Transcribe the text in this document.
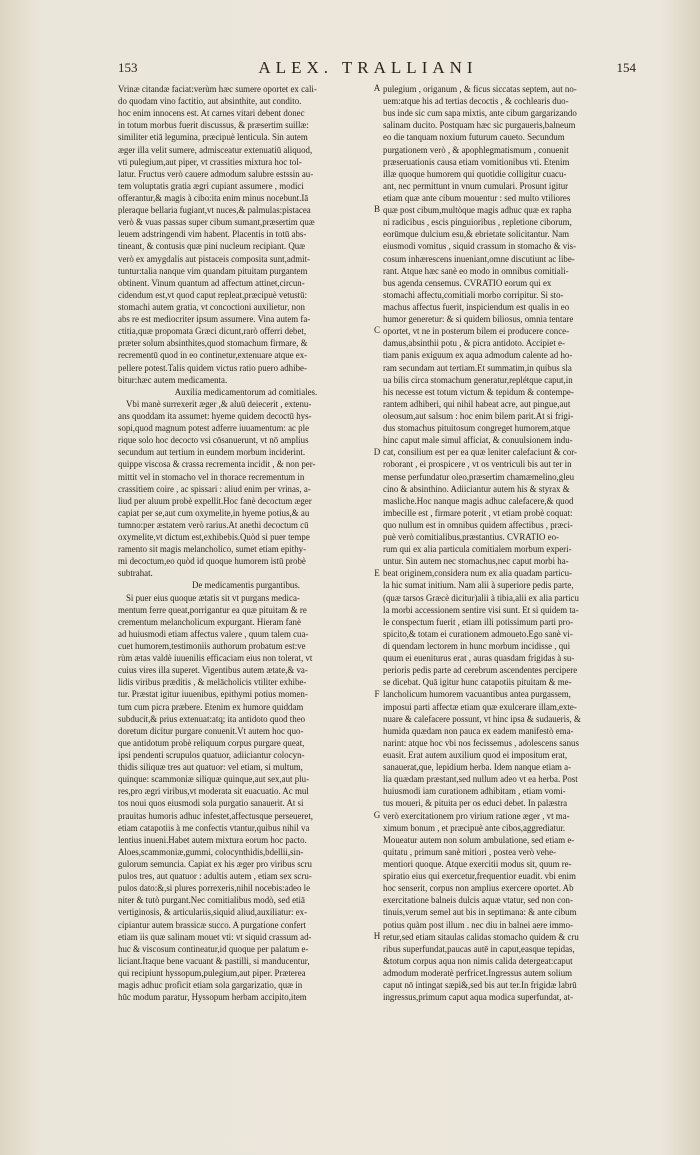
153	ALEX. TRALLIANI	154
Vrinæ citandæ faciat:verùm hæc sumere oportet ex cali-
do quodam vino factitio, aut absinthite, aut condito.
hoc enim innocens est. At carnes vitari debent donec
in totum morbus fuerit discussus, & præsertim suillæ:
similiter etiā legumina, præcipuè lenticula. Sin autem
æger illa velit sumere, admisceatur extenuatiū aliquod,
vti pulegium,aut piper, vt crassities mixtura hoc tol-
latur. Fructus verò cauere admodum salubre estssin au-
tem voluptatis gratia ægri cupiant assumere , modici
offerantur,& magis à cibo:ita enim minus nocebunt.Iā
pleraque bellaria fugiant,vt nuces,& palmulas:pistacea
verò & vuas passas super cibum sumant,præsertim quæ
leuem adstringendi vim habent. Placentis in totū abs-
tineant, & contusis quæ pini nucleum recipiant. Quæ
verò ex amygdalis aut pistaceis composita sunt,admit-
tuntur:talia nanque vim quandam pituitam purgantem
obtinent. Vinum quantum ad affectum attinet,circun-
cidendum est,vt quod caput repleat,præcipuè vetustū:
stomachi autem gratia, vt concoctioni auxilietur, non
abs re est mediocriter ipsum assumere. Vina autem fa-
ctitia,quæ propomata Græci dicunt,rarò offerri debet,
præter solum absinthites,quod stomachum firmare, &
recrementū quod in eo continetur,extenuare atque ex-
pellere potest.Talis quidem victus ratio puero adhibe-
bitur:hæc autem medicamenta.
Auxilia medicamentorum ad comitiales.
Vbi manè surrexerit æger ,& aluū deiecerit , extenu-
ans quoddam ita assumet: hyeme quidem decoctū hys-
sopi,quod magnum potest adferre iuuamentum: ac ple
rique solo hoc decocto vsi cōsanuerunt, vt nō amplius
secundum aut tertium in eundem morbum inciderint.
quippe viscosa & crassa recrementa incidit , & non per-
mittit vel in stomacho vel in thorace recrementum in
crassitiem coire , ac spissari : aliud enim per vrinas, a-
liud per aluum probè expellit.Hoc fanè decoctum æger
capiat per se,aut cum oxymelite,in hyeme potius,& au
tumno:per æstatem verò rarius.At anethi decoctum cū
oxymelite,vt dictum est,exhibebis.Quòd si puer tempe
ramento sit magis melancholico, sumet etiam epithy-
mi decoctum,eo quòd id quoque humorem istū probè
subtrahat.
De medicamentis purgantibus.
Si puer eius quoque ætatis sit vt purgans medica-
mentum ferre queat,porrigantur ea quæ pituitam & re
crementum melancholicum expurgant. Hieram fanè
ad huiusmodi etiam affectus valere , quum talem cua-
cuet humorem,testimoniis authorum probatum est:ve
rùm ætas valdè iuuenilis efficaciam eius non tolerat, vt
cuius vires illa superet. Vigentibus autem ætate,& va-
lidis viribus præditis , & melācholicis vtiliter exhibe-
tur. Præstat igitur iuuenibus, epithymi potius momen-
tum cum picra præbere. Etenim ex humore quiddam
subducit,& prius extenuat:atq; ita antidoto quod theo
doretum dicitur purgare conuenit.Vt autem hoc quo-
que antidotum probè reliquum corpus purgare queat,
ipsi pendenti scrupulos quatuor, adiiciantur colocyn-
thidis siliquæ tres aut quatuor: vel etiam, si multum,
quinque: scammoniæ siliquæ quinque,aut sex,aut plu-
res,pro ægri viribus,vt moderata sit euacuatio. Ac mul
tos noui quos eiusmodi sola purgatio sanauerit. At si
prauitas humoris adhuc infestet,affectusque perseueret,
etiam catapotiis à me confectis vtantur,quibus nihil va
lentius inueni.Habet autem mixtura eorum hoc pacto.
Aloes,scammoniæ,gummi, colocynthidis,bdellii,sin-
gulorum semuncia. Capiat ex his æger pro viribus scru
pulos tres, aut quatuor : adultis autem , etiam sex scru-
pulos dato:&,si plures porrexeris,nihil nocebis:adeo le
niter & tutò purgant.Nec comitialibus modò, sed etiā
vertiginosis, & articulariis,siquid aliud,auxiliatur: ex-
cipiantur autem brassicæ succo. A purgatione confert
etiam iis quæ salinam mouet vti: vt siquid crassum ad-
huc & viscosum contineatur,id quoque per palatum e-
liciant.Itaque bene vacuant & pastilli, si manducentur,
qui recipiunt hyssopum,pulegium,aut piper. Præterea
magis adhuc proficit etiam sola gargarizatio, quæ in
hūc modum paratur, Hyssopum herbam accipito,item
pulegium , origanum , & ficus siccatas septem, aut no-
uem:atque his ad tertias decoctis , & cochlearis duo-
bus inde sic cum sapa mixtis, ante cibum gargarizando
salinam ducito. Postquam hæc sic purgaueris,balneum
eo die tanquam noxium futurum caueto. Secundum
purgationem verò , & apophlegmatismum , conuenit
præseruationis causa etiam vomitionibus vti. Etenim
illæ quoque humorem qui quotidie colligitur cuacu-
ant, nec permittunt in vnum cumulari. Prosunt igitur
etiam quæ ante cibum mouentur : sed multo vtiliores
quæ post cibum,multòque magis adhuc quæ ex rapha
ni radicibus , escis pinguioribus , repletione ciborum,
eorūmque dulcium esu,& ebrietate solicitantur. Nam
eiusmodi vomitus , siquid crassum in stomacho & vis-
cosum inhærescens inueniant,omne discutiunt ac libe-
rant. Atque hæc sanè eo modo in omnibus comitiali-
bus agenda censemus. CVRATIO eorum qui ex
stomachi affectu,comitiali morbo corripitur. Si sto-
machus affectus fuerit, inspiciendum est qualis in eo
humor generetur: & si quidem biliosus, omnia tentare
oportet, vt ne in posterum bilem ei producere conce-
damus,absinthii potu , & picra antidoto. Accipiet e-
tiam panis exiguum ex aqua admodum calente ad ho-
ram secundam aut tertiam.Et summatim,in quibus sla
ua bilis circa stomachum generatur,replétque caput,in
his necesse est totum victum & tepidum & contempe-
rantem adhiberi, qui nihil habeat acre, aut pingue,aut
oleosum,aut salsum : hoc enim bilem parit.At si frigi-
dus stomachus pituitosum congreget humorem,atque
hinc caput male simul afficiat, & conuulsionem indu-
cat, consilium est per ea quæ leniter calefaciunt & cor-
roborant , ei prospicere , vt os ventriculi bis aut ter in
mense perfundatur oleo,præsertim chamæmelino,gleu
cino & absinthino. Adiiciantur autem his & styrax &
masliche.Hoc nanque magis adhuc calefacere,& quod
imbecille est , firmare poterit , vt etiam probè coquat:
quo nullum est in omnibus quidem affectibus , præci-
puè verò comitialibus,præstantius. CVRATIO eo-
rum qui ex alia particula comitialem morbum experi-
untur. Sin autem nec stomachus,nec caput morbi ha-
beat originem,considera num ex alia quadam particu-
la hic sumat initium. Nam alii à superiore pedis parte,
(quæ tarsos Græcè dicitur)alii à tibia,alii ex alia particu
la morbi accessionem sentire visi sunt. Et si quidem ta-
le conspectum fuerit , etiam illi potissimum parti pro-
spicito,& totam ei curationem admoueto.Ego sanè vi-
di quendam lectorem in hunc morbum incidisse , qui
quum ei eueniturus erat , auras quasdam frigidas à su-
perioris pedis parte ad cerebrum ascendentes percipere
se dicebat. Quā igitur hunc catapotiis pituitam & me-
lancholicum humorem vacuantibus antea purgassem,
imposui parti affectæ etiam quæ exulcerare illam,exte-
nuare & calefacere possunt, vt hinc ipsa & sudaueris, &
humida quædam non pauca ex eadem manifestò ema-
narint: atque hoc vbi nos fecissemus , adolescens sanus
euasit. Erat autem auxilium quod ei impositum erat,
sanauerat,que, lepidium herba. Idem nanque etiam a-
lia quædam præstant,sed nullum adeo vt ea herba. Post
huiusmodi iam curationem adhibitam , etiam vomi-
tus moueri, & pituita per os educi debet. In palæstra
verò exercitationem pro virium ratione æger , vt ma-
ximum bonum , et præcipuè ante cibos,aggrediatur.
Moueatur autem non solum ambulatione, sed etiam e-
quitatu , primum sanè mitiori , postea verò vehe-
mentiori quoque. Atque exercitii modus sit, quum re-
spiratio eius qui exercetur,frequentior euadit. vbi enim
hoc senserit, corpus non amplius exercere oportet. Ab
exercitatione balneis dulcis aquæ vtatur, sed non con-
tinuis,verum semel aut bis in septimana: & ante cibum
potius quàm post illum . nec diu in balnei aere immo-
retur,sed etiam sitaulas calidas stomacho quidem & cru
ribus superfundat,paucas autē in caput,easque tepidas,
&totum corpus aqua non nimis calida detergeat:caput
admodum moderatè perfricet.Ingressus autem solium
caput nō intingat sæpi&,sed bis aut ter.In frigidæ labrū
ingressus,primum caput aqua modica superfundat, at-
A
B
C
D
E
F
G
H
